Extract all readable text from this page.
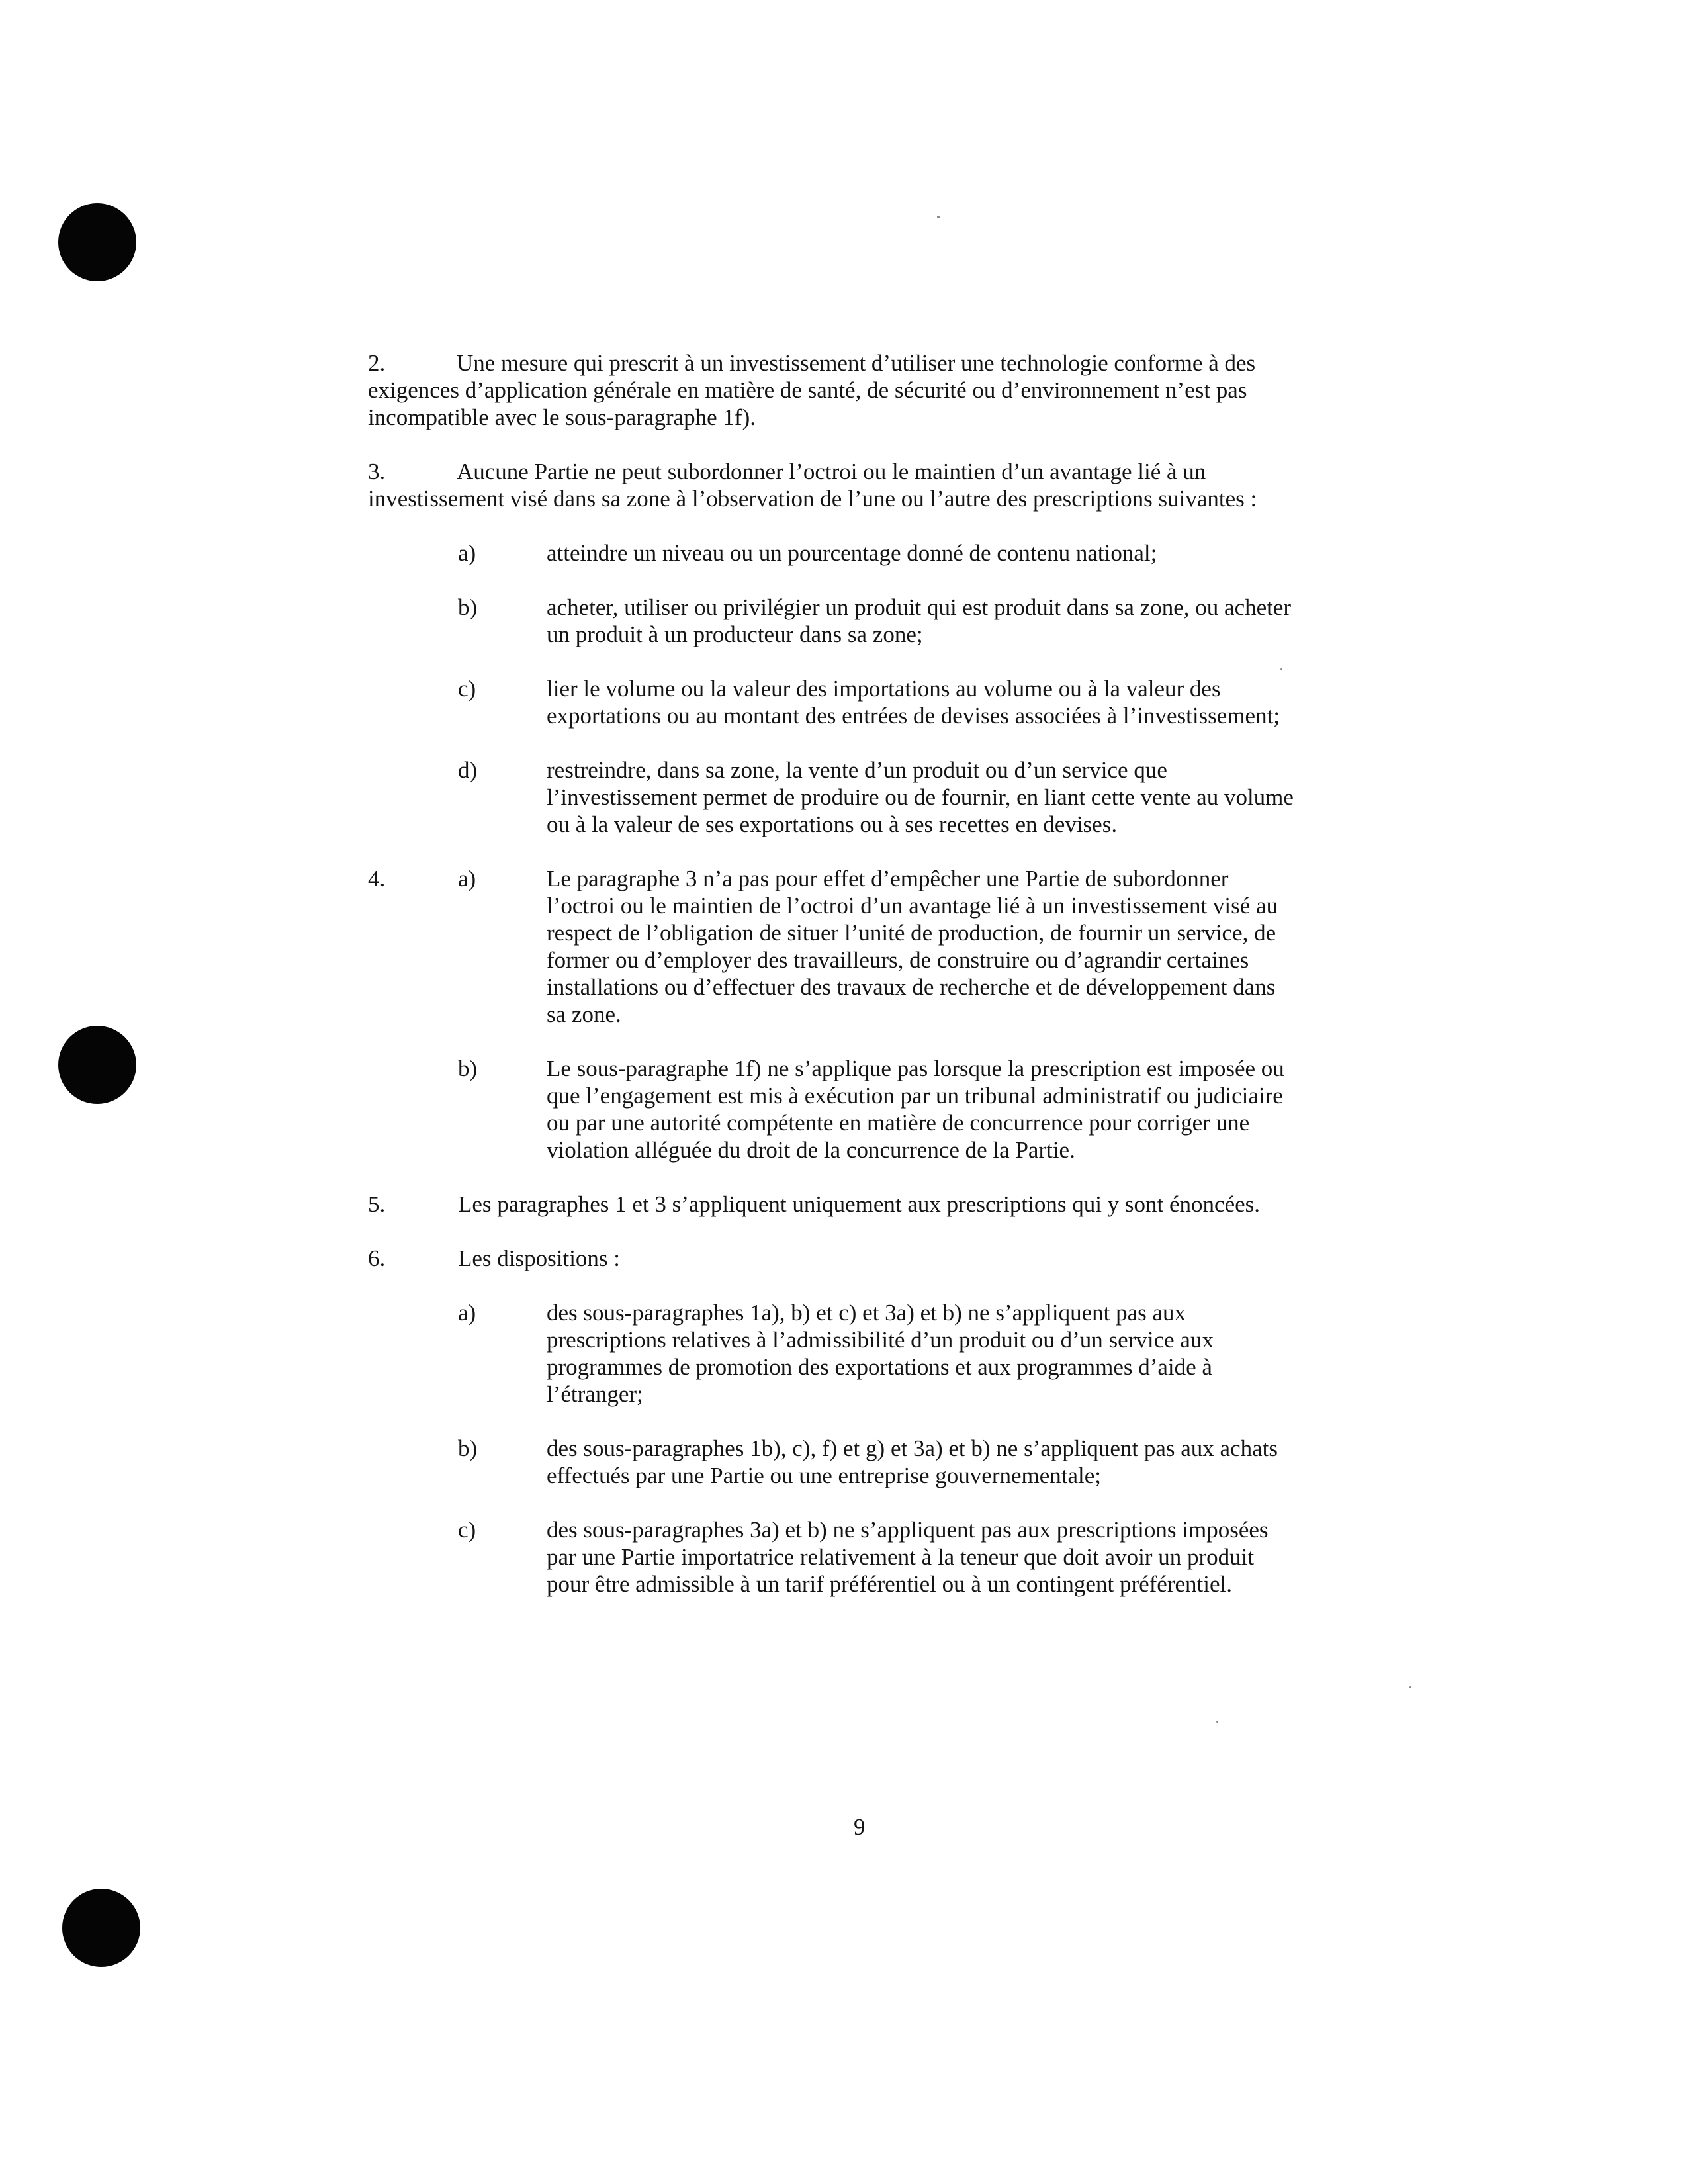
2.	Une mesure qui prescrit à un investissement d’utiliser une technologie conforme à des
exigences d’application générale en matière de santé, de sécurité ou d’environnement n’est pas
incompatible avec le sous-paragraphe 1f).
3.	Aucune Partie ne peut subordonner l’octroi ou le maintien d’un avantage lié à un
investissement visé dans sa zone à l’observation de l’une ou l’autre des prescriptions suivantes :
a)	atteindre un niveau ou un pourcentage donné de contenu national;
b)	acheter, utiliser ou privilégier un produit qui est produit dans sa zone, ou acheter
un produit à un producteur dans sa zone;
c)	lier le volume ou la valeur des importations au volume ou à la valeur des
exportations ou au montant des entrées de devises associées à l’investissement;
d)	restreindre, dans sa zone, la vente d’un produit ou d’un service que
l’investissement permet de produire ou de fournir, en liant cette vente au volume
ou à la valeur de ses exportations ou à ses recettes en devises.
4.	a)	Le paragraphe 3 n’a pas pour effet d’empêcher une Partie de subordonner
l’octroi ou le maintien de l’octroi d’un avantage lié à un investissement visé au
respect de l’obligation de situer l’unité de production, de fournir un service, de
former ou d’employer des travailleurs, de construire ou d’agrandir certaines
installations ou d’effectuer des travaux de recherche et de développement dans
sa zone.
b)	Le sous-paragraphe 1f) ne s’applique pas lorsque la prescription est imposée ou
que l’engagement est mis à exécution par un tribunal administratif ou judiciaire
ou par une autorité compétente en matière de concurrence pour corriger une
violation alléguée du droit de la concurrence de la Partie.
5.	Les paragraphes 1 et 3 s’appliquent uniquement aux prescriptions qui y sont énoncées.
6.	Les dispositions :
a)	des sous-paragraphes 1a), b) et c) et 3a) et b) ne s’appliquent pas aux
prescriptions relatives à l’admissibilité d’un produit ou d’un service aux
programmes de promotion des exportations et aux programmes d’aide à
l’étranger;
b)	des sous-paragraphes 1b), c), f) et g) et 3a) et b) ne s’appliquent pas aux achats
effectués par une Partie ou une entreprise gouvernementale;
c)	des sous-paragraphes 3a) et b) ne s’appliquent pas aux prescriptions imposées
par une Partie importatrice relativement à la teneur que doit avoir un produit
pour être admissible à un tarif préférentiel ou à un contingent préférentiel.
9
